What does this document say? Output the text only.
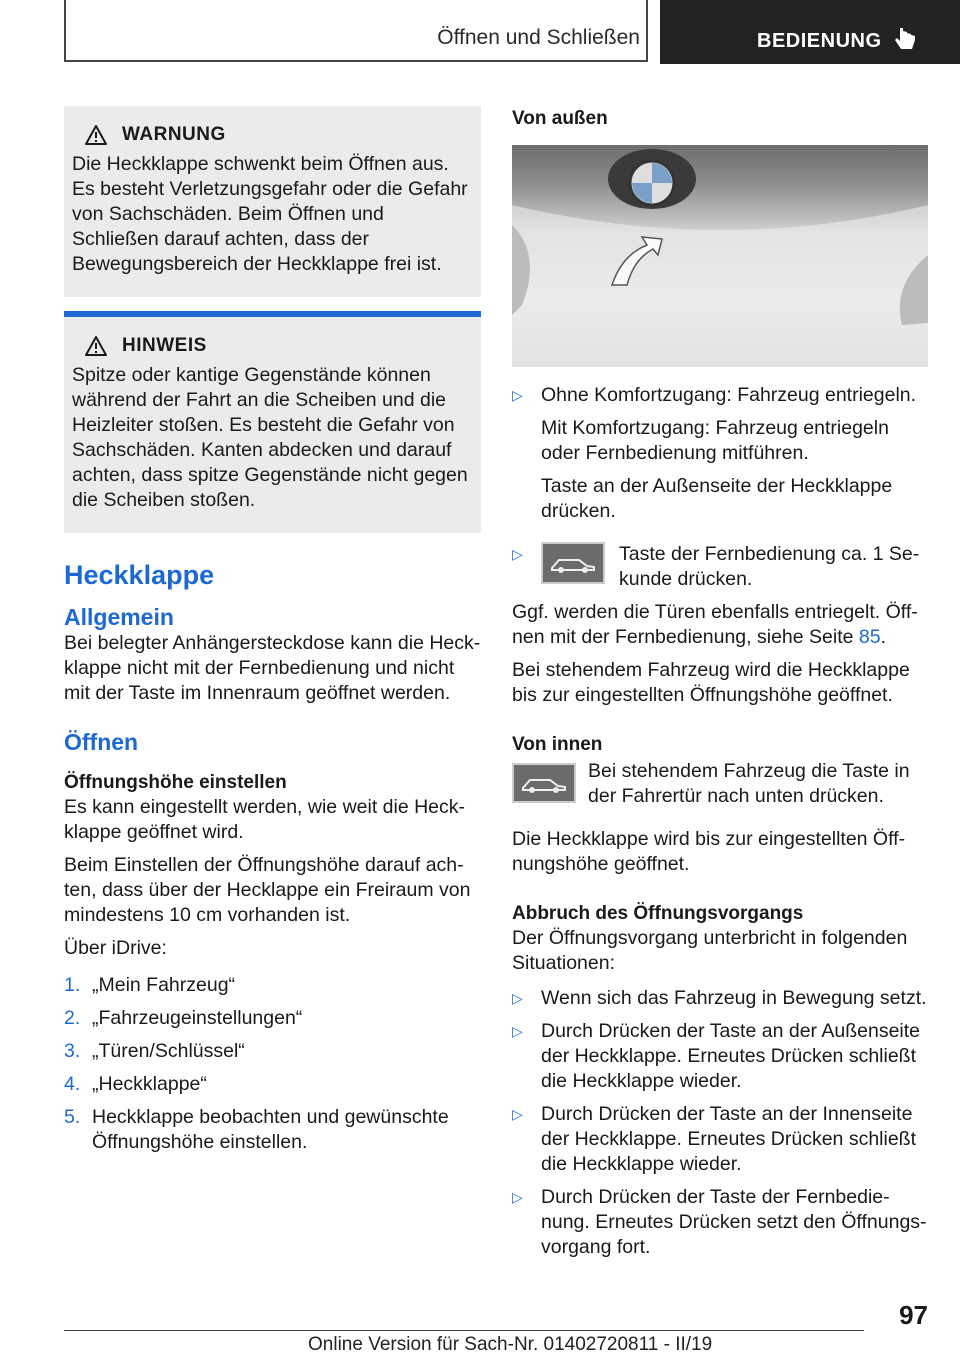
Öffnen und Schließen	BEDIENUNG
WARNUNG

Die Heckklappe schwenkt beim Öffnen aus. Es besteht Verletzungsgefahr oder die Gefahr von Sachschäden. Beim Öffnen und Schließen darauf achten, dass der Bewegungsbereich der Heckklappe frei ist.

HINWEIS

Spitze oder kantige Gegenstände können während der Fahrt an die Scheiben und die Heizleiter stoßen. Es besteht die Gefahr von Sachschäden. Kanten abdecken und darauf achten, dass spitze Gegenstände nicht gegen die Scheiben stoßen.

Heckklappe
Allgemein

Bei belegter Anhängersteckdose kann die Heckklappe nicht mit der Fernbedienung und nicht mit der Taste im Innenraum geöffnet werden.

Öffnen
Öffnungshöhe einstellen

Es kann eingestellt werden, wie weit die Heckklappe geöffnet wird.

Beim Einstellen der Öffnungshöhe darauf achten, dass über der Hecklappe ein Freiraum von mindestens 10 cm vorhanden ist.

Über iDrive:

1. „Mein Fahrzeug“
2. „Fahrzeugeinstellungen“
3. „Türen/Schlüssel“
4. „Heckklappe“
5. Heckklappe beobachten und gewünschte Öffnungshöhe einstellen.
Von außen
▷ Ohne Komfortzugang: Fahrzeug entriegeln.

Mit Komfortzugang: Fahrzeug entriegeln oder Fernbedienung mitführen.

Taste an der Außenseite der Heckklappe drücken.

▷	Taste der Fernbedienung ca. 1 Sekunde drücken.

Ggf. werden die Türen ebenfalls entriegelt. Öffnen mit der Fernbedienung, siehe Seite 85.

Bei stehendem Fahrzeug wird die Heckklappe bis zur eingestellten Öffnungshöhe geöffnet.

Von innen

Bei stehendem Fahrzeug die Taste in der Fahrertür nach unten drücken.

Die Heckklappe wird bis zur eingestellten Öffnungshöhe geöffnet.

Abbruch des Öffnungsvorgangs

Der Öffnungsvorgang unterbricht in folgenden Situationen:

▷ Wenn sich das Fahrzeug in Bewegung setzt.
▷ Durch Drücken der Taste an der Außenseite der Heckklappe. Erneutes Drücken schließt die Heckklappe wieder.
▷ Durch Drücken der Taste an der Innenseite der Heckklappe. Erneutes Drücken schließt die Heckklappe wieder.
▷ Durch Drücken der Taste der Fernbedienung. Erneutes Drücken setzt den Öffnungsvorgang fort.
97
Online Version für Sach-Nr. 01402720811 - II/19
